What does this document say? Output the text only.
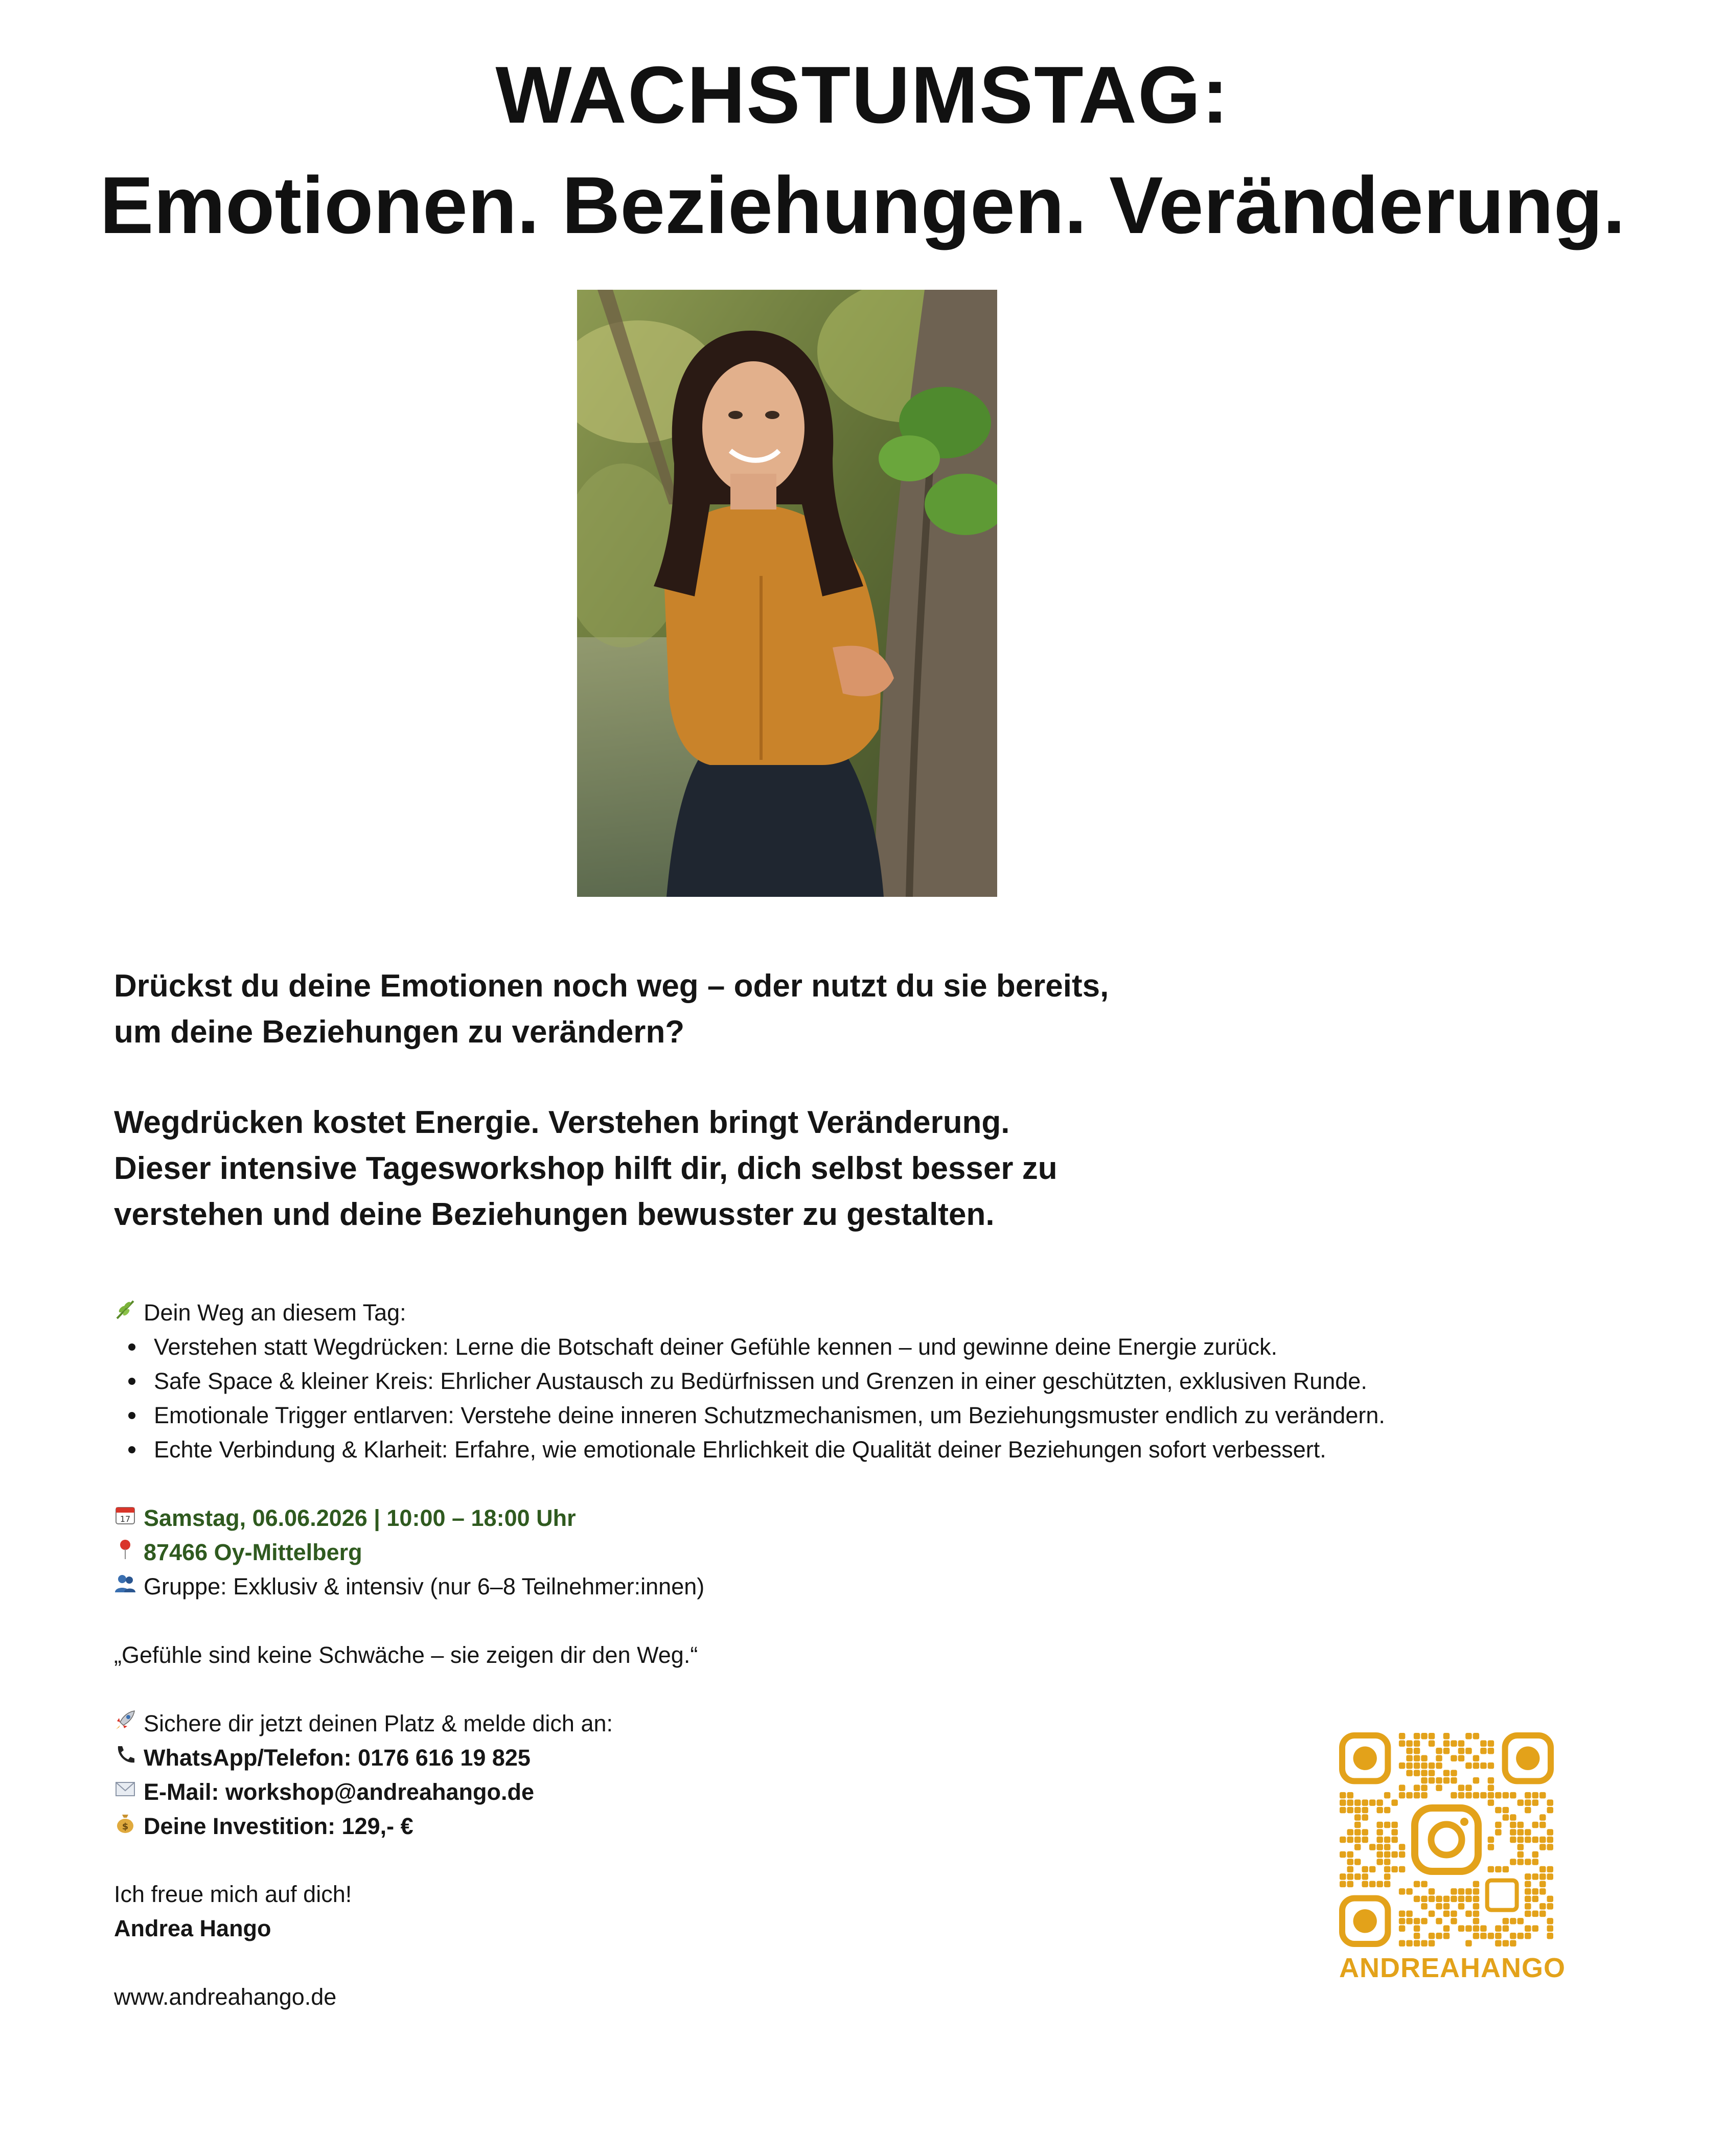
WACHSTUMSTAG:
Emotionen. Beziehungen. Veränderung.
Drückst du deine Emotionen noch weg – oder nutzt du sie bereits,
um deine Beziehungen zu verändern?
Wegdrücken kostet Energie. Verstehen bringt Veränderung.
Dieser intensive Tagesworkshop hilft dir, dich selbst besser zu
verstehen und deine Beziehungen bewusster zu gestalten.
Dein Weg an diesem Tag:
Verstehen statt Wegdrücken: Lerne die Botschaft deiner Gefühle kennen – und gewinne deine Energie zurück.
Safe Space & kleiner Kreis: Ehrlicher Austausch zu Bedürfnissen und Grenzen in einer geschützten, exklusiven Runde.
Emotionale Trigger entlarven: Verstehe deine inneren Schutzmechanismen, um Beziehungsmuster endlich zu verändern.
Echte Verbindung & Klarheit: Erfahre, wie emotionale Ehrlichkeit die Qualität deiner Beziehungen sofort verbessert.
17 Samstag, 06.06.2026 | 10:00 – 18:00 Uhr
87466 Oy-Mittelberg
Gruppe: Exklusiv & intensiv (nur 6–8 Teilnehmer:innen)
„Gefühle sind keine Schwäche – sie zeigen dir den Weg.“
Sichere dir jetzt deinen Platz & melde dich an:
WhatsApp/Telefon: 0176 616 19 825
E-Mail: workshop@andreahango.de
$ Deine Investition: 129,- €
Ich freue mich auf dich!
Andrea Hango
www.andreahango.de
ANDREAHANGO
